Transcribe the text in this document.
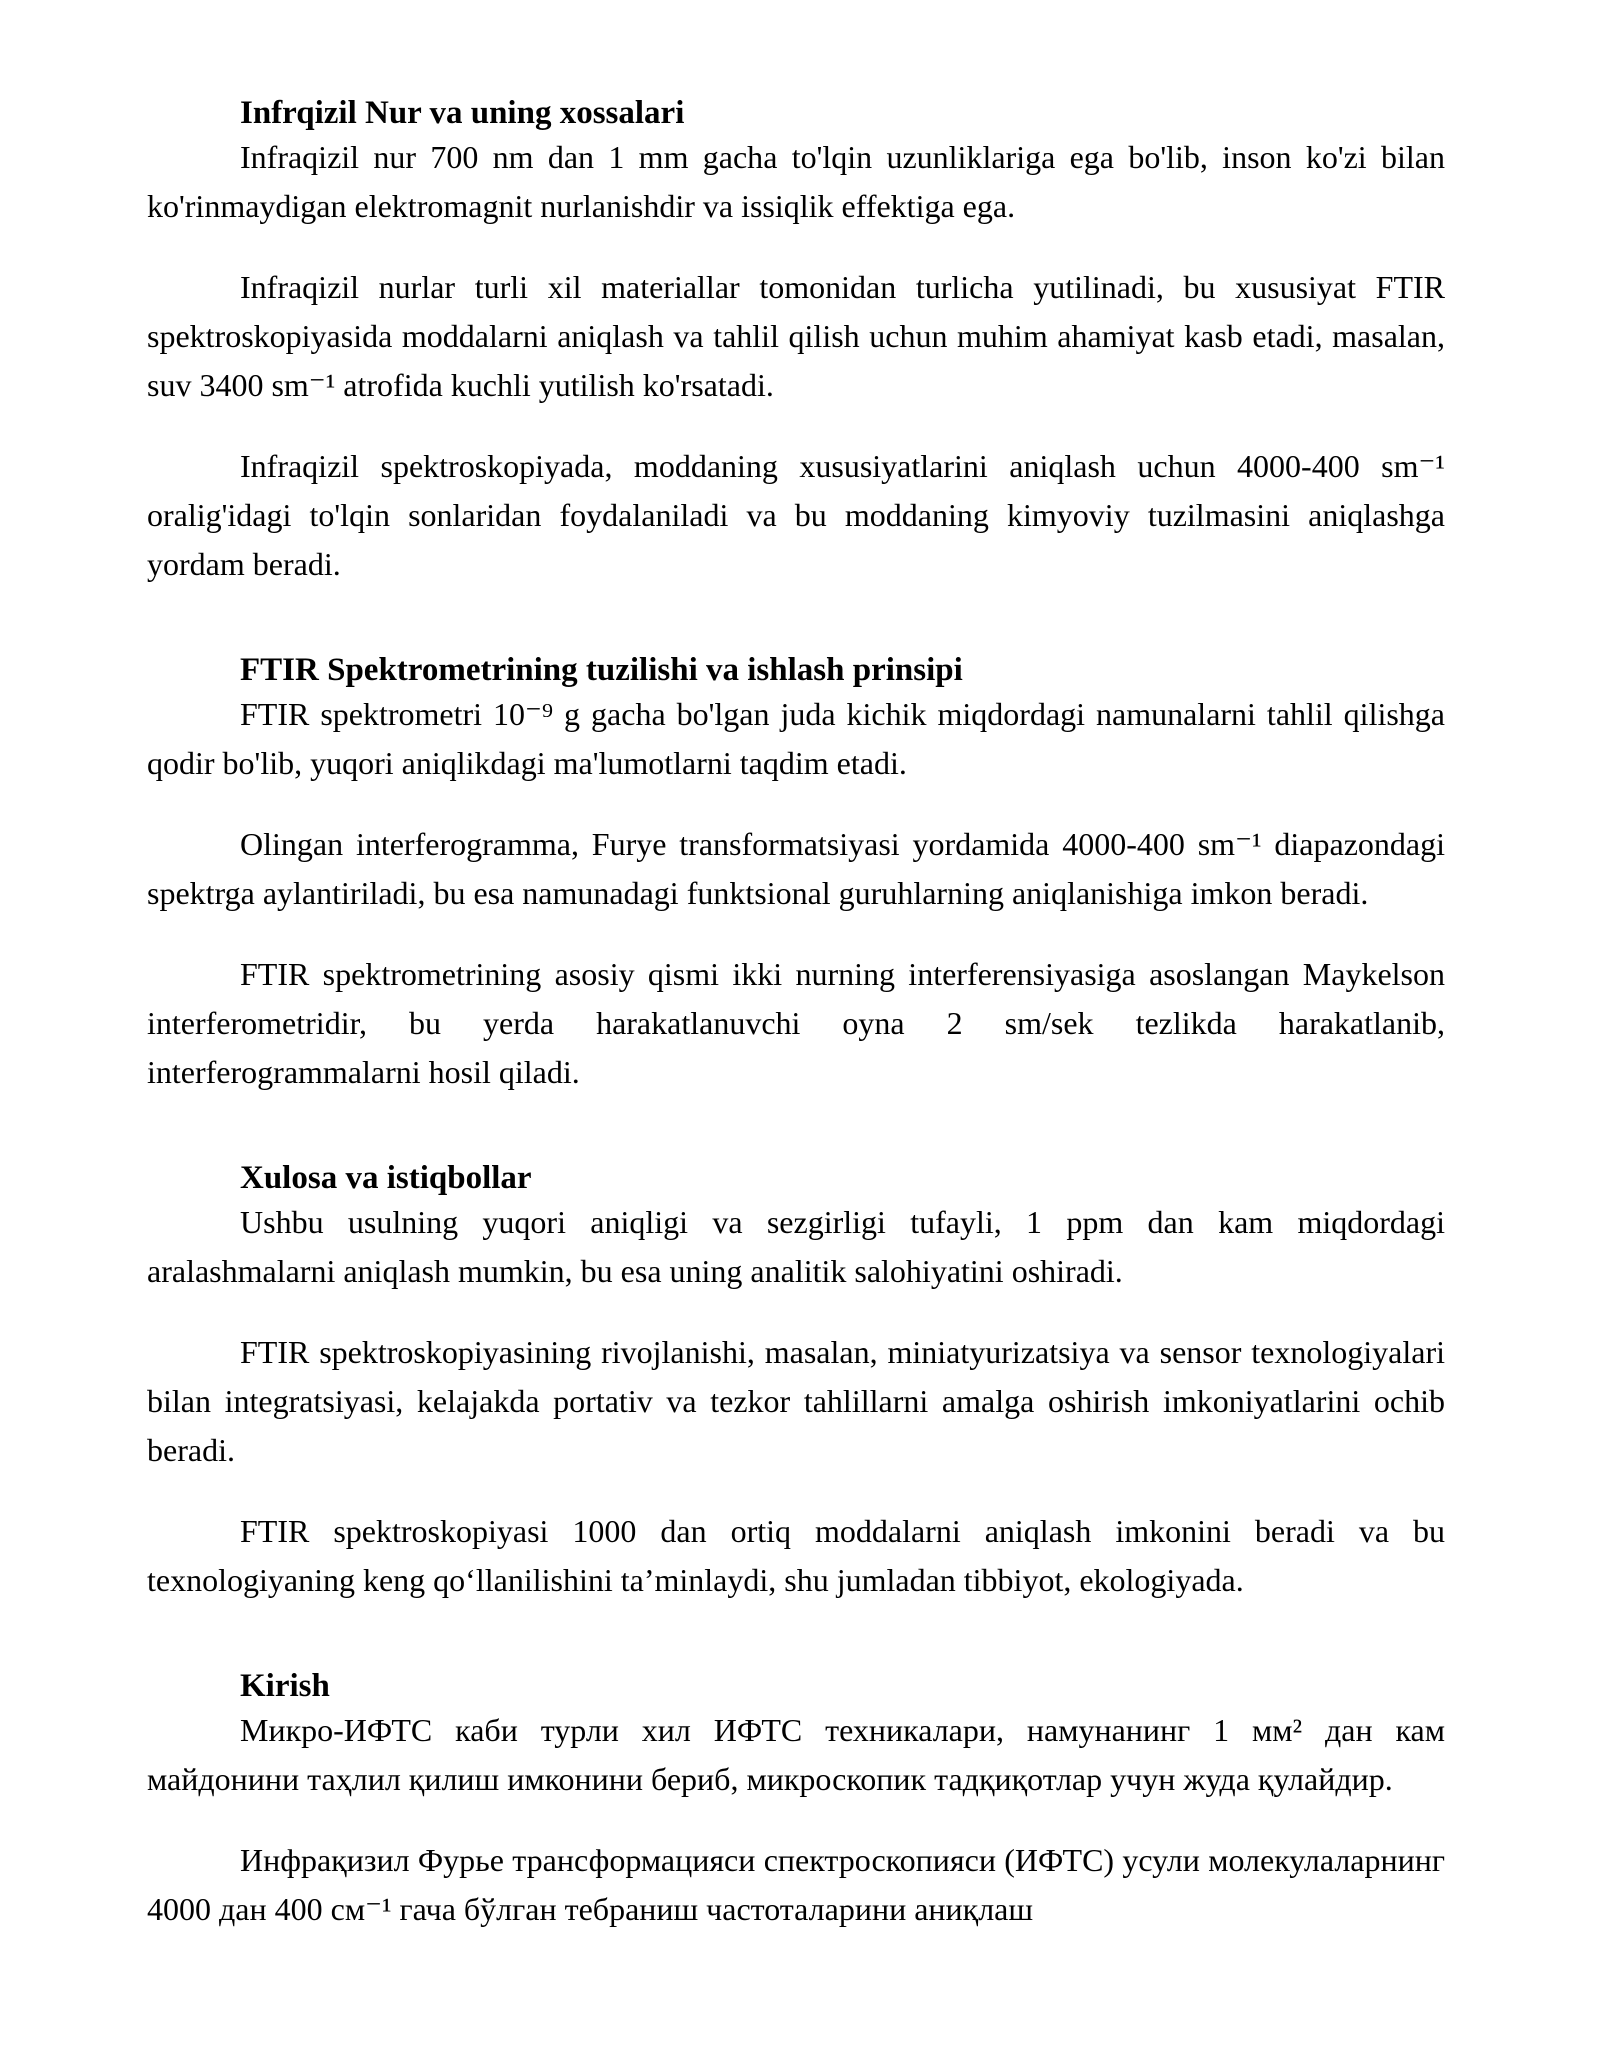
Infrqizil Nur va uning xossalari

Infraqizil nur 700 nm dan 1 mm gacha to'lqin uzunliklariga ega bo'lib, inson ko'zi bilan ko'rinmaydigan elektromagnit nurlanishdir va issiqlik effektiga ega.

Infraqizil nurlar turli xil materiallar tomonidan turlicha yutilinadi, bu xususiyat FTIR spektroskopiyasida moddalarni aniqlash va tahlil qilish uchun muhim ahamiyat kasb etadi, masalan, suv 3400 sm⁻¹ atrofida kuchli yutilish ko'rsatadi.

Infraqizil spektroskopiyada, moddaning xususiyatlarini aniqlash uchun 4000-400 sm⁻¹ oralig'idagi to'lqin sonlaridan foydalaniladi va bu moddaning kimyoviy tuzilmasini aniqlashga yordam beradi.

FTIR Spektrometrining tuzilishi va ishlash prinsipi

FTIR spektrometri 10⁻⁹ g gacha bo'lgan juda kichik miqdordagi namunalarni tahlil qilishga qodir bo'lib, yuqori aniqlikdagi ma'lumotlarni taqdim etadi.

Olingan interferogramma, Furye transformatsiyasi yordamida 4000-400 sm⁻¹ diapazondagi spektrga aylantiriladi, bu esa namunadagi funktsional guruhlarning aniqlanishiga imkon beradi.

FTIR spektrometrining asosiy qismi ikki nurning interferensiyasiga asoslangan Maykelson interferometridir, bu yerda harakatlanuvchi oyna 2 sm/sek tezlikda harakatlanib, interferogrammalarni hosil qiladi.

Xulosa va istiqbollar

Ushbu usulning yuqori aniqligi va sezgirligi tufayli, 1 ppm dan kam miqdordagi aralashmalarni aniqlash mumkin, bu esa uning analitik salohiyatini oshiradi.

FTIR spektroskopiyasining rivojlanishi, masalan, miniatyurizatsiya va sensor texnologiyalari bilan integratsiyasi, kelajakda portativ va tezkor tahlillarni amalga oshirish imkoniyatlarini ochib beradi.

FTIR spektroskopiyasi 1000 dan ortiq moddalarni aniqlash imkonini beradi va bu texnologiyaning keng qo‘llanilishini ta’minlaydi, shu jumladan tibbiyot, ekologiyada.

Kirish

Микро-ИФТС каби турли хил ИФТС техникалари, намунанинг 1 мм² дан кам майдонини таҳлил қилиш имконини бериб, микроскопик тадқиқотлар учун жуда қулайдир.

Инфрақизил Фурье трансформацияси спектроскопияси (ИФТС) усули молекулаларнинг 4000 дан 400 см⁻¹ гача бўлган тебраниш частоталарини аниқлаш
